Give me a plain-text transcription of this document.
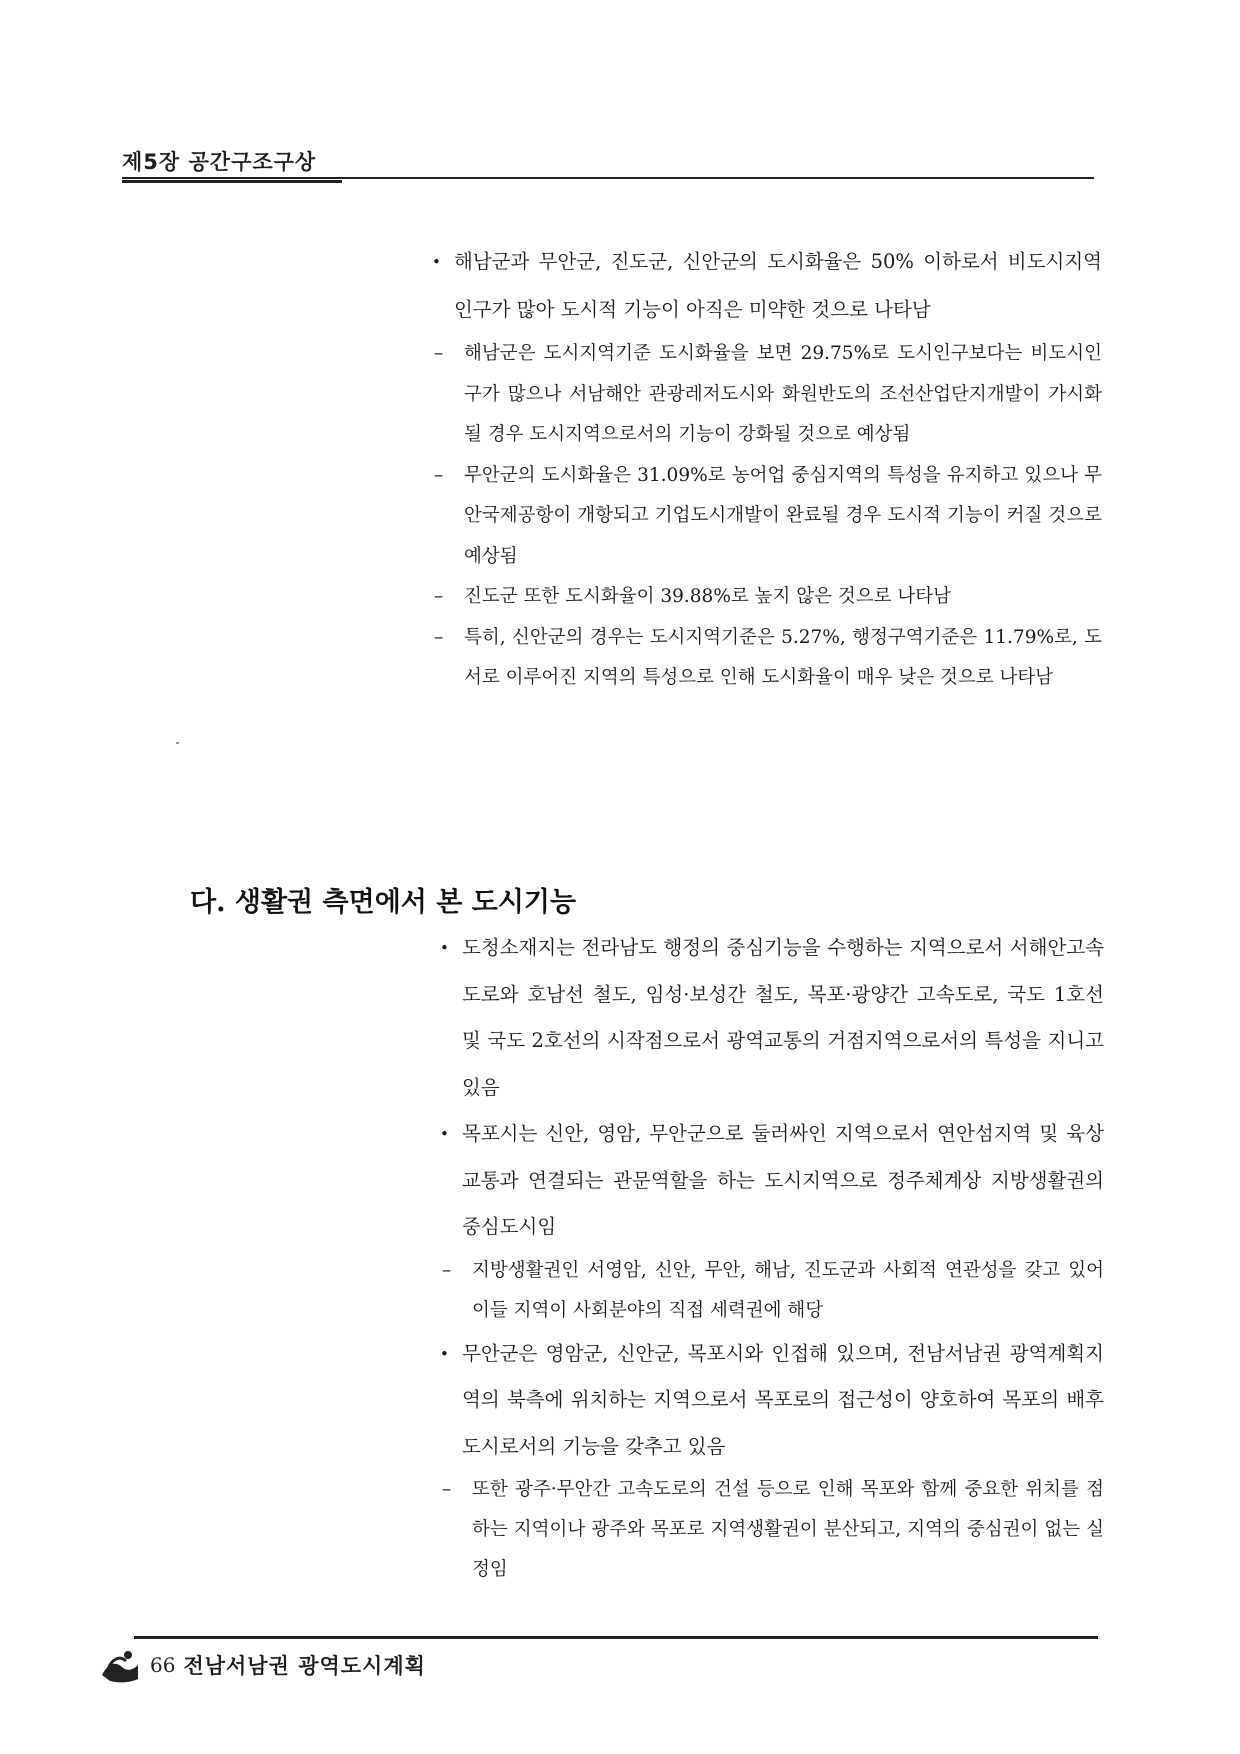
제5장 공간구조구상
• 해남군과 무안군, 진도군, 신안군의 도시화율은 50% 이하로서 비도시지역 인구가 많아 도시적 기능이 아직은 미약한 것으로 나타남
– 해남군은 도시지역기준 도시화율을 보면 29.75%로 도시인구보다는 비도시인구가 많으나 서남해안 관광레저도시와 화원반도의 조선산업단지개발이 가시화될 경우 도시지역으로서의 기능이 강화될 것으로 예상됨
– 무안군의 도시화율은 31.09%로 농어업 중심지역의 특성을 유지하고 있으나 무안국제공항이 개항되고 기업도시개발이 완료될 경우 도시적 기능이 커질 것으로 예상됨
– 진도군 또한 도시화율이 39.88%로 높지 않은 것으로 나타남
– 특히, 신안군의 경우는 도시지역기준은 5.27%, 행정구역기준은 11.79%로, 도서로 이루어진 지역의 특성으로 인해 도시화율이 매우 낮은 것으로 나타남
다. 생활권 측면에서 본 도시기능
• 도청소재지는 전라남도 행정의 중심기능을 수행하는 지역으로서 서해안고속도로와 호남선 철도, 임성·보성간 철도, 목포·광양간 고속도로, 국도 1호선 및 국도 2호선의 시작점으로서 광역교통의 거점지역으로서의 특성을 지니고 있음
• 목포시는 신안, 영암, 무안군으로 둘러싸인 지역으로서 연안섬지역 및 육상교통과 연결되는 관문역할을 하는 도시지역으로 정주체계상 지방생활권의 중심도시임
– 지방생활권인 서영암, 신안, 무안, 해남, 진도군과 사회적 연관성을 갖고 있어 이들 지역이 사회분야의 직접 세력권에 해당
• 무안군은 영암군, 신안군, 목포시와 인접해 있으며, 전남서남권 광역계획지역의 북측에 위치하는 지역으로서 목포로의 접근성이 양호하여 목포의 배후도시로서의 기능을 갖추고 있음
– 또한 광주·무안간 고속도로의 건설 등으로 인해 목포와 함께 중요한 위치를 점하는 지역이나 광주와 목포로 지역생활권이 분산되고, 지역의 중심권이 없는 실정임
66 전남서남권 광역도시계획
